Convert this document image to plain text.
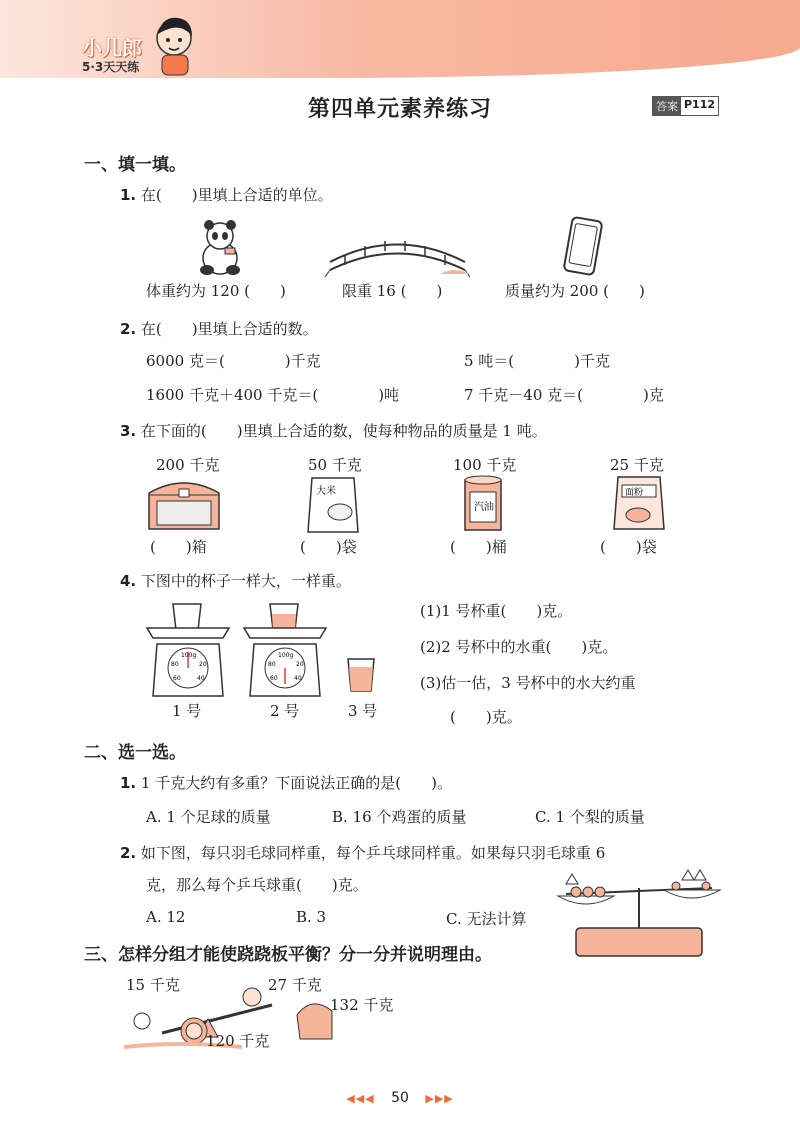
小儿郎
5·3天天练
第四单元素养练习	答案 P112
一、填一填。
1. 在(　　)里填上合适的单位。
体重约为 120 (　　)	限重 16 (　　)	质量约为 200 (　　)
2. 在(　　)里填上合适的数。
6000 克＝(　　　　)千克	5 吨＝(　　　　)千克
1600 千克＋400 千克＝(　　　　)吨	7 千克－40 克＝(　　　　)克
3. 在下面的(　　)里填上合适的数，使每种物品的质量是 1 吨。
200 千克	50 千克	100 千克	25 千克
大米
汽油
面粉
(　　)箱	(　　)袋	(　　)桶	(　　)袋
4. 下图中的杯子一样大，一样重。
100g
80	20
60	40
100g
80	20
60	40
1 号	2 号	3 号
(1)1 号杯重(　　)克。
(2)2 号杯中的水重(　　)克。
(3)估一估，3 号杯中的水大约重
(　　)克。
二、选一选。
1. 1 千克大约有多重？下面说法正确的是(　　)。
A. 1 个足球的质量	B. 16 个鸡蛋的质量	C. 1 个梨的质量
2. 如下图，每只羽毛球同样重，每个乒乓球同样重。如果每只羽毛球重 6
克，那么每个乒乓球重(　　)克。
A. 12	B. 3	C. 无法计算
三、怎样分组才能使跷跷板平衡？分一分并说明理由。
15 千克	27 千克
132 千克
120 千克
◀◀◀ 50 ▶▶▶
